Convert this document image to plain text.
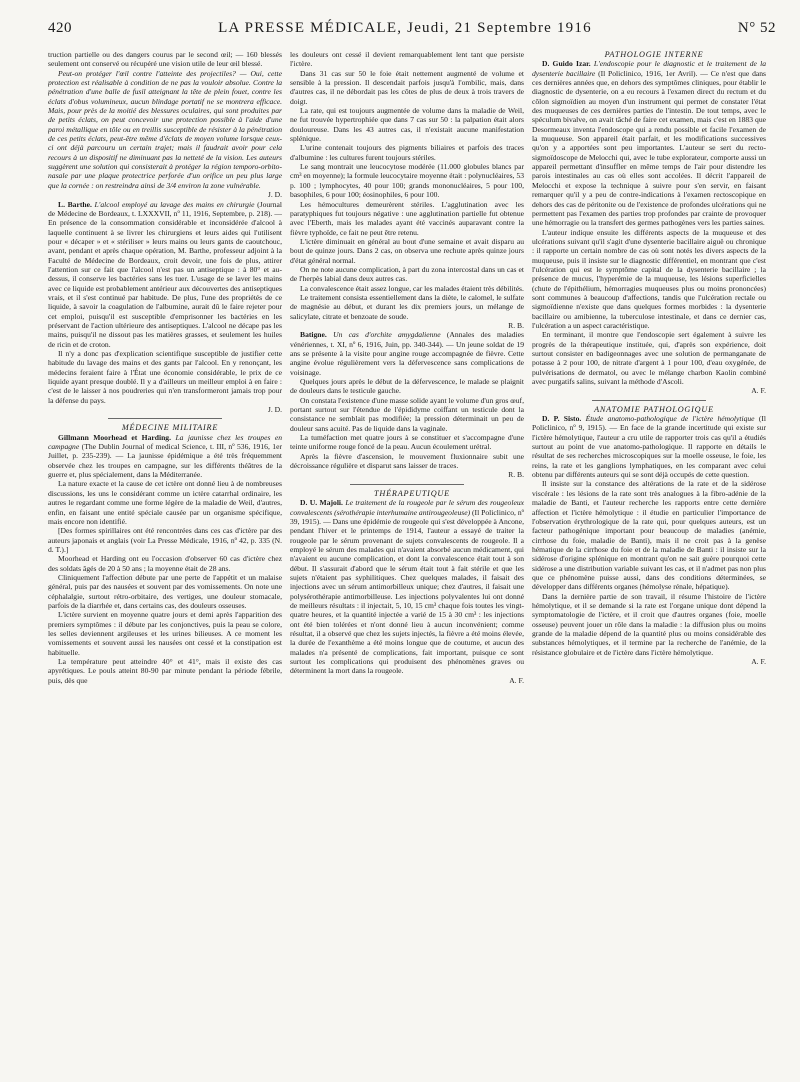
420	LA PRESSE MÉDICALE, Jeudi, 21 Septembre 1916	N° 52

truction partielle ou des dangers courus par le second œil; — 160 blessés seulement ont conservé ou récupéré une vision utile de leur œil blessé.

Peut-on protéger l'œil contre l'atteinte des projectiles? — Oui, cette protection est réalisable à condition de ne pas la vouloir absolue. Contre la pénétration d'une balle de fusil atteignant la tête de plein fouet, contre les éclats d'obus volumineux, aucun blindage portatif ne se montrera efficace. Mais, pour près de la moitié des blessures oculaires, qui sont produites par de petits éclats, on peut concevoir une protection possible à l'aide d'une paroi métallique en tôle ou en treillis susceptible de résister à la pénétration de ces petits éclats, peut-être même d'éclats de moyen volume lorsque ceux-ci ont déjà parcouru un certain trajet; mais il faudrait avoir pour cela recours à un dispositif ne diminuant pas la netteté de la vision. Les auteurs suggèrent une solution qui consisterait à protéger la région temporo-orbito-nasale par une plaque protectrice perforée d'un orifice un peu plus large que la cornée : on restreindra ainsi de 3/4 environ la zone vulnérable.

J. D.

L. Barthe. L'alcool employé au lavage des mains en chirurgie (Journal de Médecine de Bordeaux, t. LXXXVII, nº 11, 1916, Septembre, p. 218). — En présence de la consommation considérable et inconsidérée d'alcool à laquelle continuent à se livrer les chirurgiens et leurs aides qui l'utilisent pour « décaper » et « stériliser » leurs mains ou leurs gants de caoutchouc, avant, pendant et après chaque opération, M. Barthe, professeur adjoint à la Faculté de Médecine de Bordeaux, croit devoir, une fois de plus, attirer l'attention sur ce fait que l'alcool n'est pas un antiseptique : à 80° et au-dessus, il conserve les bactéries sans les tuer. L'usage de se laver les mains avec ce liquide est probablement antérieur aux découvertes des antiseptiques vrais, et il s'est continué par habitude. De plus, l'une des propriétés de ce liquide, à savoir la coagulation de l'albumine, aurait dû le faire rejeter pour cet emploi, puisqu'il est susceptible d'emprisonner les bactéries en les préservant de l'action ultérieure des antiseptiques. L'alcool ne décape pas les mains, puisqu'il ne dissout pas les matières grasses, et seulement les huiles de ricin et de croton.

Il n'y a donc pas d'explication scientifique susceptible de justifier cette habitude du lavage des mains et des gants par l'alcool. En y renonçant, les médecins feraient faire à l'État une économie considérable, le prix de ce liquide ayant presque doublé. Il y a d'ailleurs un meilleur emploi à en faire : c'est de le laisser à nos poudreries qui n'en transformeront jamais trop pour la défense du pays.

J. D.

MÉDECINE MILITAIRE

Gillmann Moorhead et Harding. La jaunisse chez les troupes en campagne (The Dublin Journal of medical Science, t. III, nº 536, 1916, 1er Juillet, p. 235-239). — La jaunisse épidémique a été très fréquemment observée chez les troupes en campagne, sur les différents théâtres de la guerre et, plus spécialement, dans la Méditerranée.

La nature exacte et la cause de cet ictère ont donné lieu à de nombreuses discussions, les uns le considérant comme un ictère catarrhal ordinaire, les autres le regardant comme une forme légère de la maladie de Weil, d'autres, enfin, en faisant une entité spéciale causée par un organisme spécifique, mais encore non identifié.

[Des formes spirillaires ont été rencontrées dans ces cas d'ictère par des auteurs japonais et anglais (voir La Presse Médicale, 1916, nº 42, p. 335 (N. d. T.).]

Moorhead et Harding ont eu l'occasion d'observer 60 cas d'ictère chez des soldats âgés de 20 à 50 ans ; la moyenne était de 28 ans.

Cliniquement l'affection débute par une perte de l'appétit et un malaise général, puis par des nausées et souvent par des vomissements. On note une céphalalgie, surtout rétro-orbitaire, des vertiges, une douleur stomacale, parfois de la diarrhée et, dans certains cas, des douleurs osseuses.

L'ictère survient en moyenne quatre jours et demi après l'apparition des premiers symptômes : il débute par les conjonctives, puis la peau se colore, les selles deviennent argileuses et les urines bilieuses. A ce moment les vomissements et souvent aussi les nausées ont cessé et la constipation est habituelle.

La température peut atteindre 40° et 41°, mais il existe des cas apyrétiques. Le pouls atteint 80-90 par minute pendant la période fébrile, puis, dès que

les douleurs ont cessé il devient remarquablement lent tant que persiste l'ictère.

Dans 31 cas sur 50 le foie était nettement augmenté de volume et sensible à la pression. Il descendait parfois jusqu'à l'ombilic, mais, dans d'autres cas, il ne débordait pas les côtes de plus de deux à trois travers de doigt.

La rate, qui est toujours augmentée de volume dans la maladie de Weil, ne fut trouvée hypertrophiée que dans 7 cas sur 50 : la palpation était alors douloureuse. Dans les 43 autres cas, il n'existait aucune manifestation splénique.

L'urine contenait toujours des pigments biliaires et parfois des traces d'albumine : les cultures furent toujours stériles.

Le sang montrait une leucocytose modérée (11.000 globules blancs par cm³ en moyenne); la formule leucocytaire moyenne était : polynucléaires, 53 p. 100 ; lymphocytes, 40 pour 100; grands mononucléaires, 5 pour 100, basophiles, 6 pour 100; éosinophiles, 6 pour 100.

Les hémocultures demeurèrent stériles. L'agglutination avec les paratyphiques fut toujours négative : une agglutination partielle fut obtenue avec l'Eberth, mais les malades ayant été vaccinés auparavant contre la fièvre typhoïde, ce fait ne peut être retenu.

L'ictère diminuait en général au bout d'une semaine et avait disparu au bout de quinze jours. Dans 2 cas, on observa une rechute après quinze jours d'état général normal.

On ne note aucune complication, à part du zona intercostal dans un cas et de l'herpès labial dans deux autres cas.

La convalescence était assez longue, car les malades étaient très débilités.

Le traitement consista essentiellement dans la diète, le calomel, le sulfate de magnésie au début, et durant les dix premiers jours, un mélange de salicylate, citrate et benzoate de soude.

R. B.

Batigne. Un cas d'orchite amygdalienne (Annales des maladies vénériennes, t. XI, nº 6, 1916, Juin, pp. 340-344). — Un jeune soldat de 19 ans se présente à la visite pour angine rouge accompagnée de fièvre. Cette angine évolue régulièrement vers la défervescence sans complications de voisinage.

Quelques jours après le début de la défervescence, le malade se plaignit de douleurs dans le testicule gauche.

On constata l'existence d'une masse solide ayant le volume d'un gros œuf, portant surtout sur l'étendue de l'épididyme coiffant un testicule dont la consistance ne semblait pas modifiée; la pression déterminait un peu de douleur sans acuité. Pas de liquide dans la vaginale.

La tuméfaction met quatre jours à se constituer et s'accompagne d'une teinte uniforme rouge foncé de la peau. Aucun écoulement urétral.

Après la fièvre d'ascension, le mouvement fluxionnaire subit une décroissance régulière et disparut sans laisser de traces.

R. B.

THÉRAPEUTIQUE

D. U. Majoli. Le traitement de la rougeole par le sérum des rougeoleux convalescents (sérothérapie interhumaine antirougeoleuse) (Il Policlinico, nº 39, 1915). — Dans une épidémie de rougeole qui s'est développée à Ancone, pendant l'hiver et le printemps de 1914, l'auteur a essayé de traiter la rougeole par le sérum provenant de sujets convalescents de rougeole. Il a employé le sérum des malades qui n'avaient absorbé aucun médicament, qui n'avaient eu aucune complication, et dont la convalescence était tout à son début. Il s'assurait d'abord que le sérum était tout à fait stérile et que les sujets n'étaient pas syphilitiques. Chez quelques malades, il faisait des injections avec un sérum antimorbilleux unique; chez d'autres, il faisait une polysérothérapie antimorbilleuse. Les injections polyvalentes lui ont donné de meilleurs résultats : il injectait, 5, 10, 15 cm³ chaque fois toutes les vingt-quatre heures, et la quantité injectée a varié de 15 à 30 cm³ : les injections ont été bien tolérées et n'ont donné lieu à aucun inconvénient; comme résultat, il a observé que chez les sujets injectés, la fièvre a été moins élevée, la durée de l'exanthème a été moins longue que de coutume, et aucun des malades n'a présenté de complications, fait important, puisque ce sont surtout les complications qui produisent des phénomènes graves ou déterminent la mort dans la rougeole.

A. F.

PATHOLOGIE INTERNE

D. Guido Izar. L'endoscopie pour le diagnostic et le traitement de la dysenterie bacillaire (Il Policlinico, 1916, 1er Avril). — Ce n'est que dans ces dernières années que, en dehors des symptômes cliniques, pour établir le diagnostic de dysenterie, on a eu recours à l'examen direct du rectum et du côlon sigmoïdien au moyen d'un instrument qui permet de constater l'état des muqueuses de ces dernières parties de l'intestin. De tout temps, avec le spéculum bivalve, on avait tâché de faire cet examen, mais c'est en 1883 que Desormeaux inventa l'endoscope qui a rendu possible et facile l'examen de la muqueuse. Son appareil était parfait, et les modifications successives qu'on y a apportées sont peu importantes. L'auteur se sert du recto-sigmoïdoscope de Melocchi qui, avec le tube explorateur, comporte aussi un appareil permettant d'insuffler en même temps de l'air pour distendre les parois intestinales au cas où elles sont accolées. Il décrit l'appareil de Melocchi et expose la technique à suivre pour s'en servir, en faisant remarquer qu'il y a peu de contre-indications à l'examen rectoscopique en dehors des cas de péritonite ou de l'existence de profondes ulcérations qui ne permettent pas l'examen des parties trop profondes par crainte de provoquer une hémorragie ou la transfert des germes pathogènes vers les parties saines.

L'auteur indique ensuite les différents aspects de la muqueuse et des ulcérations suivant qu'il s'agit d'une dysenterie bacillaire aiguë ou chronique : il rapporte un certain nombre de cas où sont notés les divers aspects de la muqueuse, puis il insiste sur le diagnostic différentiel, en montrant que c'est l'ulcération qui est le symptôme capital de la dysenterie bacillaire ; la présence de mucus, l'hyperémie de la muqueuse, les lésions superficielles (chute de l'épithélium, hémorragies muqueuses plus ou moins prononcées) sont communes à beaucoup d'affections, tandis que l'ulcération rectale ou sigmoïdienne n'existe que dans quelques formes morbides : la dysenterie bacillaire ou amibienne, la tuberculose intestinale, et dans ce dernier cas, l'ulcération a un aspect caractéristique.

En terminant, il montre que l'endoscopie sert également à suivre les progrès de la thérapeutique instituée, qui, d'après son expérience, doit surtout consister en badigeonnages avec une solution de permanganate de potasse à 2 pour 100, de nitrate d'argent à 1 pour 100, d'eau oxygénée, de pulvérisations de dermatol, ou avec le mélange charbon Kaolin combiné avec purgatifs salins, suivant la méthode d'Ascoli.

A. F.

ANATOMIE PATHOLOGIQUE

D. P. Sisto. Étude anatomo-pathologique de l'ictère hémolytique (Il Policlinico, nº 9, 1915). — En face de la grande incertitude qui existe sur l'ictère hémolytique, l'auteur a cru utile de rapporter trois cas qu'il a étudiés surtout au point de vue anatomo-pathologique. Il rapporte en détails le résultat de ses recherches microscopiques sur la moelle osseuse, le foie, les reins, la rate et les ganglions lymphatiques, en les comparant avec celui obtenu par différents auteurs qui se sont déjà occupés de cette question.

Il insiste sur la constance des altérations de la rate et de la sidérose viscérale : les lésions de la rate sont très analogues à la fibro-adénie de la maladie de Banti, et l'auteur recherche les rapports entre cette dernière affection et l'ictère hémolytique : il étudie en particulier l'importance de l'observation érythrologique de la rate qui, pour quelques auteurs, est un facteur pathogénique important pour beaucoup de maladies (anémie, cirrhose du foie, maladie de Banti), mais il ne croit pas à la genèse hématique de la cirrhose du foie et de la maladie de Banti : il insiste sur la sidérose d'origine splénique en montrant qu'on ne sait guère pourquoi cette sidérose a une distribution variable suivant les cas, et il n'admet pas non plus que ce phénomène puisse aussi, dans des conditions déterminées, se développer dans différents organes (hémolyse rénale, hépatique).

Dans la dernière partie de son travail, il résume l'histoire de l'ictère hémolytique, et il se demande si la rate est l'organe unique dont dépend la symptomatologie de l'ictère, et il croit que d'autres organes (foie, moelle osseuse) peuvent jouer un rôle dans la maladie : la diffusion plus ou moins grande de la maladie dépend de la quantité plus ou moins considérable des substances hémolytiques, et il termine par la recherche de l'anémie, de la résistance globulaire et de l'ictère dans l'ictère hémolytique.

A. F.
